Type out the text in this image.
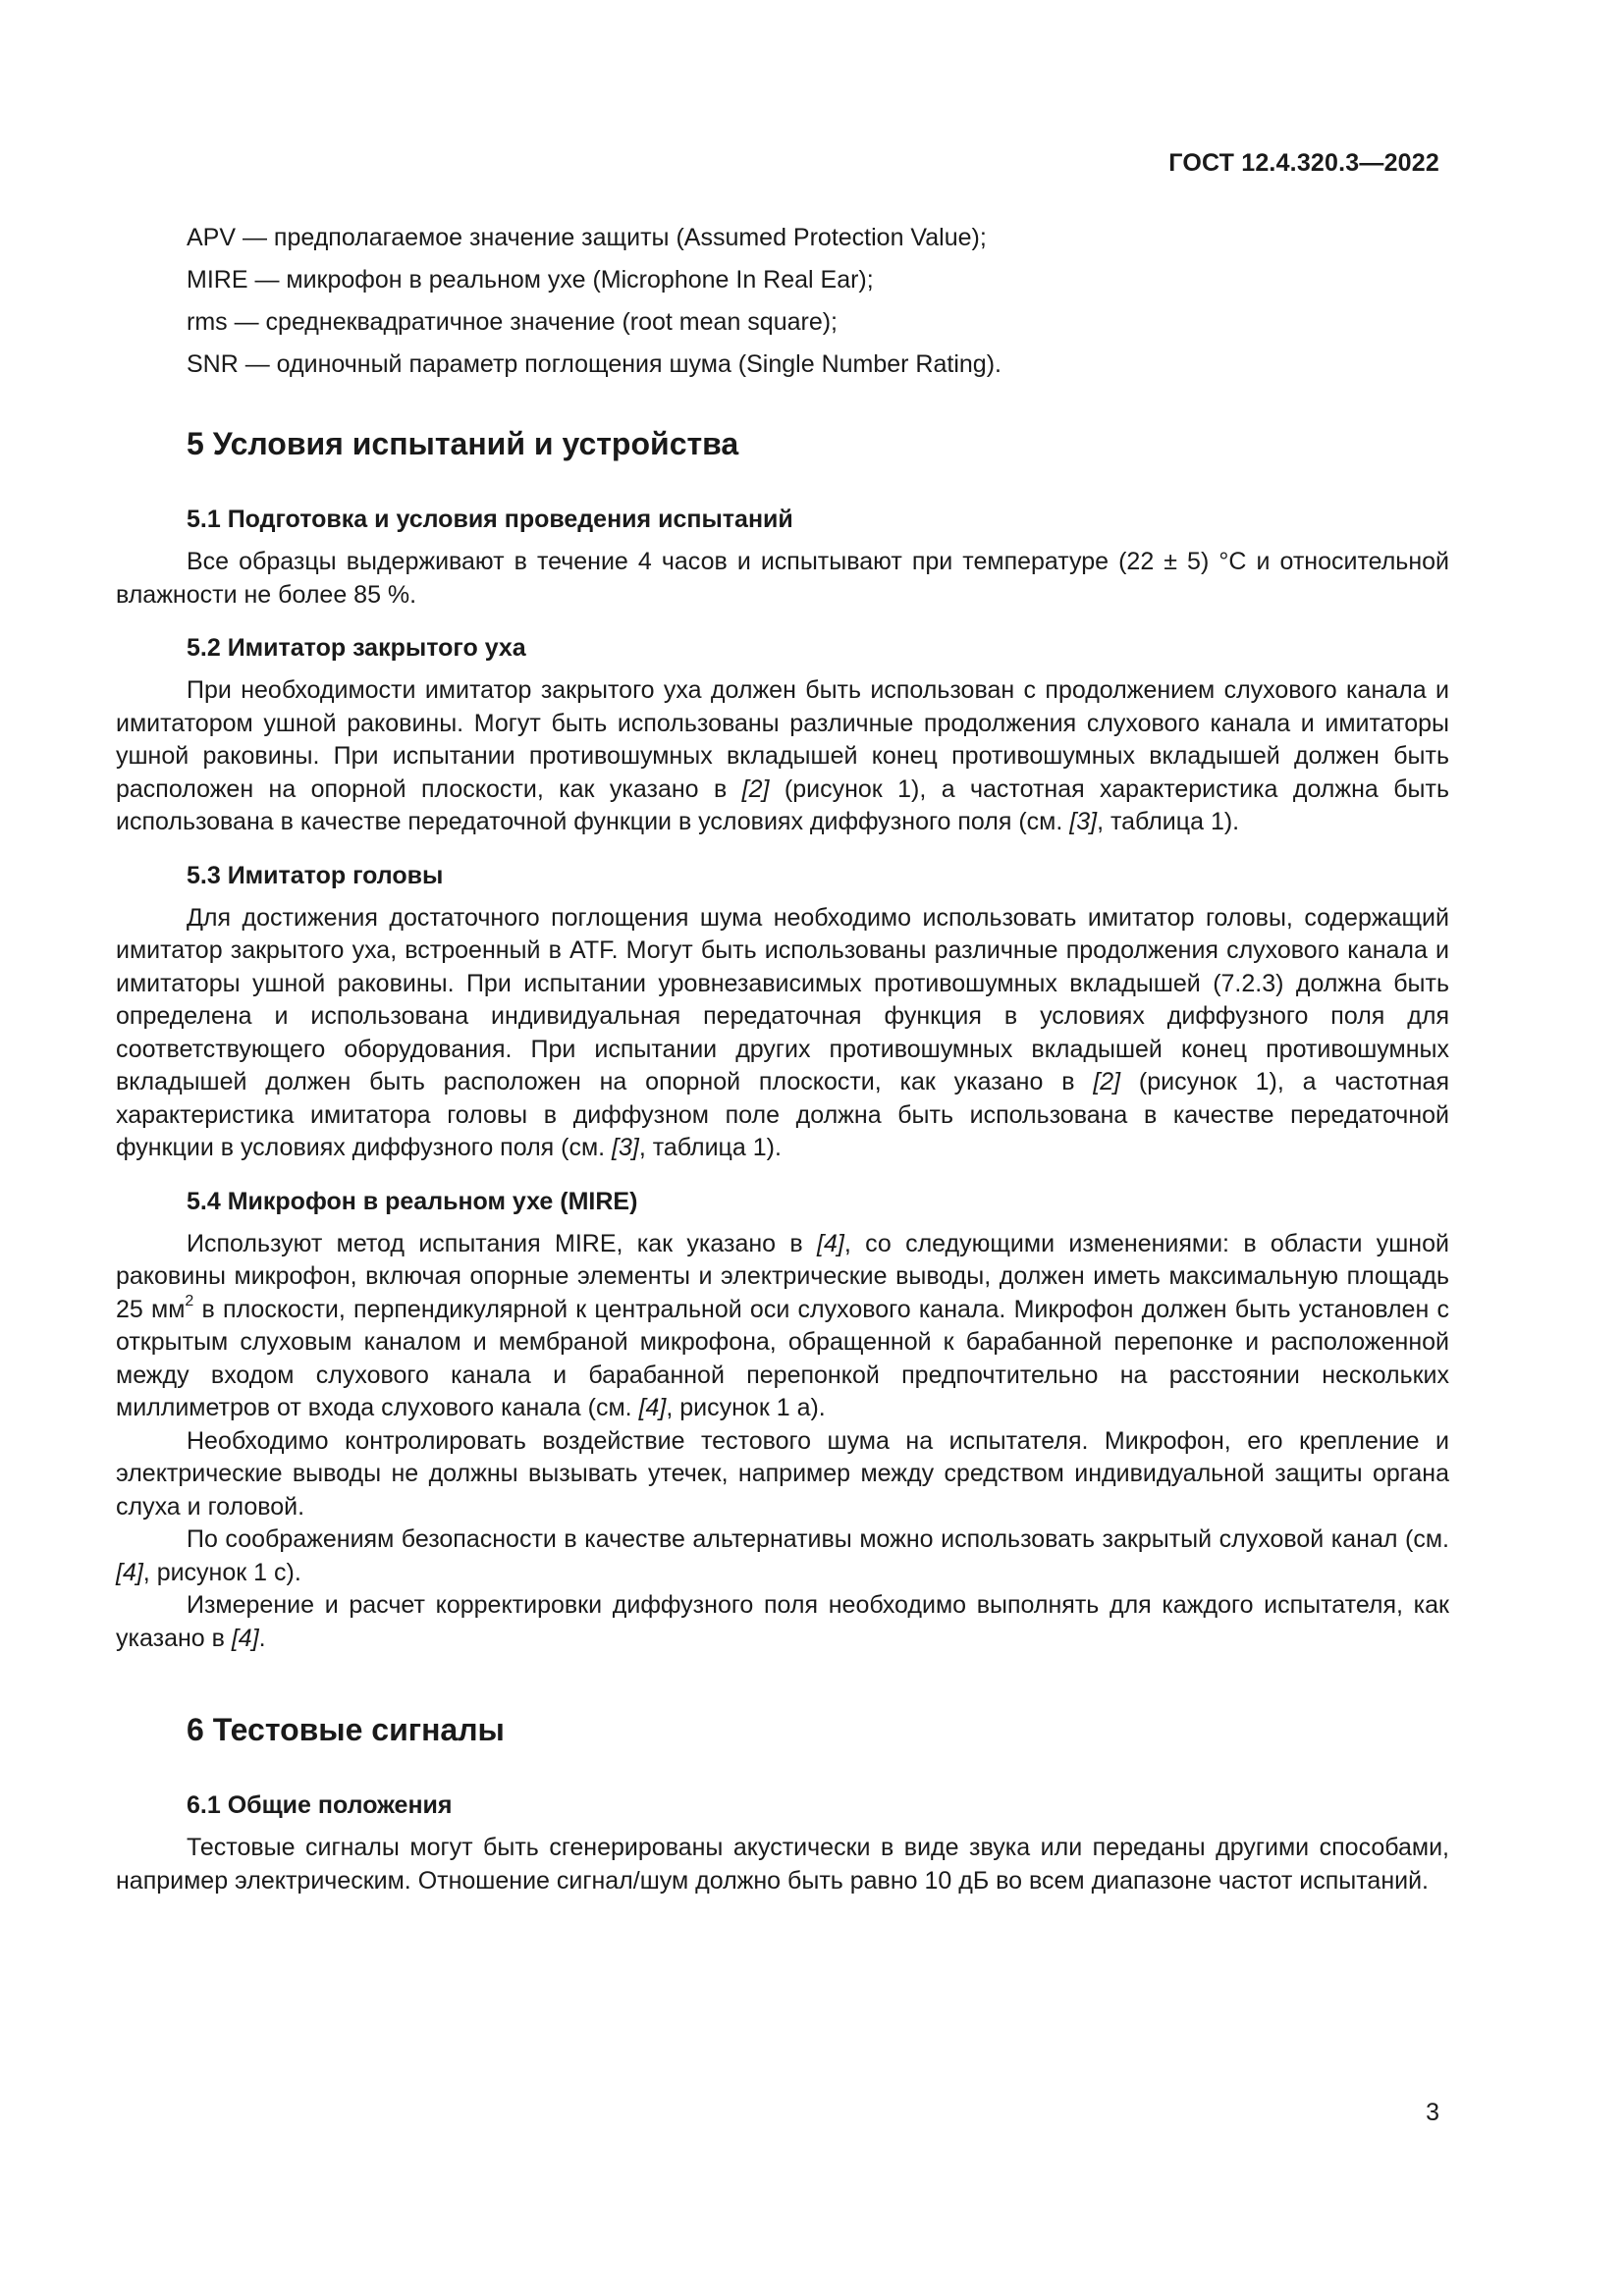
ГОСТ 12.4.320.3—2022
APV — предполагаемое значение защиты (Assumed Protection Value);
MIRE — микрофон в реальном ухе (Microphone In Real Ear);
rms — среднеквадратичное значение (root mean square);
SNR — одиночный параметр поглощения шума (Single Number Rating).
5 Условия испытаний и устройства
5.1 Подготовка и условия проведения испытаний

Все образцы выдерживают в течение 4 часов и испытывают при температуре (22 ± 5) °С и относительной влажности не более 85 %.

5.2 Имитатор закрытого уха

При необходимости имитатор закрытого уха должен быть использован с продолжением слухового канала и имитатором ушной раковины. Могут быть использованы различные продолжения слухового канала и имитаторы ушной раковины. При испытании противошумных вкладышей конец противошумных вкладышей должен быть расположен на опорной плоскости, как указано в [2] (рисунок 1), а частотная характеристика должна быть использована в качестве передаточной функции в условиях диффузного поля (см. [3], таблица 1).

5.3 Имитатор головы

Для достижения достаточного поглощения шума необходимо использовать имитатор головы, содержащий имитатор закрытого уха, встроенный в ATF. Могут быть использованы различные продолжения слухового канала и имитаторы ушной раковины. При испытании уровнезависимых противошумных вкладышей (7.2.3) должна быть определена и использована индивидуальная передаточная функция в условиях диффузного поля для соответствующего оборудования. При испытании других противошумных вкладышей конец противошумных вкладышей должен быть расположен на опорной плоскости, как указано в [2] (рисунок 1), а частотная характеристика имитатора головы в диффузном поле должна быть использована в качестве передаточной функции в условиях диффузного поля (см. [3], таблица 1).

5.4 Микрофон в реальном ухе (MIRE)

Используют метод испытания MIRE, как указано в [4], со следующими изменениями: в области ушной раковины микрофон, включая опорные элементы и электрические выводы, должен иметь максимальную площадь 25 $мм^2$ в плоскости, перпендикулярной к центральной оси слухового канала. Микрофон должен быть установлен с открытым слуховым каналом и мембраной микрофона, обращенной к барабанной перепонке и расположенной между входом слухового канала и барабанной перепонкой предпочтительно на расстоянии нескольких миллиметров от входа слухового канала (см. [4], рисунок 1 а).

Необходимо контролировать воздействие тестового шума на испытателя. Микрофон, его крепление и электрические выводы не должны вызывать утечек, например между средством индивидуальной защиты органа слуха и головой.

По соображениям безопасности в качестве альтернативы можно использовать закрытый слуховой канал (см. [4], рисунок 1 с).

Измерение и расчет корректировки диффузного поля необходимо выполнять для каждого испытателя, как указано в [4].

6 Тестовые сигналы
6.1 Общие положения

Тестовые сигналы могут быть сгенерированы акустически в виде звука или переданы другими способами, например электрическим. Отношение сигнал/шум должно быть равно 10 дБ во всем диапазоне частот испытаний.

3
